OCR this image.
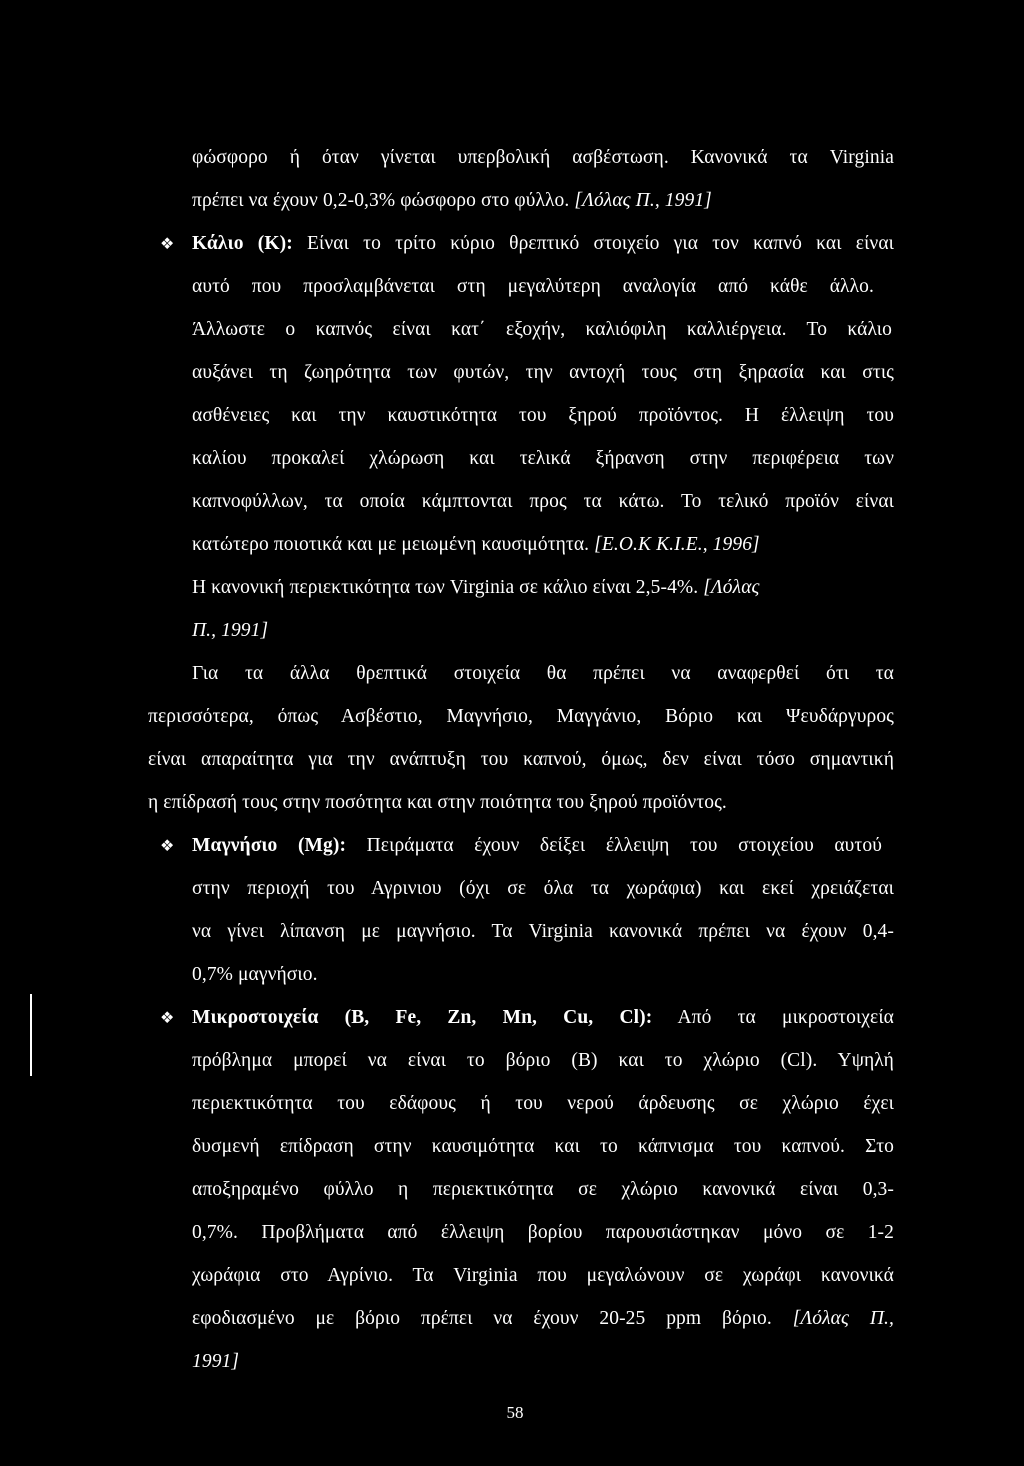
φώσφορο ή όταν γίνεται υπερβολική ασβέστωση. Κανονικά τα Virginia
πρέπει να έχουν 0,2-0,3% φώσφορο στο φύλλο. [Λόλας Π., 1991]
❖ Κάλιο (Κ): Είναι το τρίτο κύριο θρεπτικό στοιχείο για τον καπνό και είναι
αυτό που προσλαμβάνεται στη μεγαλύτερη αναλογία από κάθε άλλο.
Άλλωστε ο καπνός είναι κατ΄ εξοχήν, καλιόφιλη καλλιέργεια. Το κάλιο
αυξάνει τη ζωηρότητα των φυτών, την αντοχή τους στη ξηρασία και στις
ασθένειες και την καυστικότητα του ξηρού προϊόντος. Η έλλειψη του
καλίου προκαλεί χλώρωση και τελικά ξήρανση στην περιφέρεια των
καπνοφύλλων, τα οποία κάμπτονται προς τα κάτω. Το τελικό προϊόν είναι
κατώτερο ποιοτικά και με μειωμένη καυσιμότητα. [Ε.Ο.Κ Κ.Ι.Ε., 1996]
Η κανονική περιεκτικότητα των Virginia σε κάλιο είναι 2,5-4%. [Λόλας
Π., 1991]
Για τα άλλα θρεπτικά στοιχεία θα πρέπει να αναφερθεί ότι τα
περισσότερα, όπως Ασβέστιο, Μαγνήσιο, Μαγγάνιο, Βόριο και Ψευδάργυρος
είναι απαραίτητα για την ανάπτυξη του καπνού, όμως, δεν είναι τόσο σημαντική
η επίδρασή τους στην ποσότητα και στην ποιότητα του ξηρού προϊόντος.
❖ Μαγνήσιο (Mg): Πειράματα έχουν δείξει έλλειψη του στοιχείου αυτού
στην περιοχή του Αγρινιου (όχι σε όλα τα χωράφια) και εκεί χρειάζεται
να γίνει λίπανση με μαγνήσιο. Τα Virginia κανονικά πρέπει να έχουν 0,4-
0,7% μαγνήσιο.
❖ Μικροστοιχεία (B, Fe, Zn, Mn, Cu, Cl): Από τα μικροστοιχεία
πρόβλημα μπορεί να είναι το βόριο (Β) και το χλώριο (Cl). Υψηλή
περιεκτικότητα του εδάφους ή του νερού άρδευσης σε χλώριο έχει
δυσμενή επίδραση στην καυσιμότητα και το κάπνισμα του καπνού. Στο
αποξηραμένο φύλλο η περιεκτικότητα σε χλώριο κανονικά είναι 0,3-
0,7%. Προβλήματα από έλλειψη βορίου παρουσιάστηκαν μόνο σε 1-2
χωράφια στο Αγρίνιο. Τα Virginia που μεγαλώνουν σε χωράφι κανονικά
εφοδιασμένο με βόριο πρέπει να έχουν 20-25 ppm βόριο. [Λόλας Π.,
1991]
58
